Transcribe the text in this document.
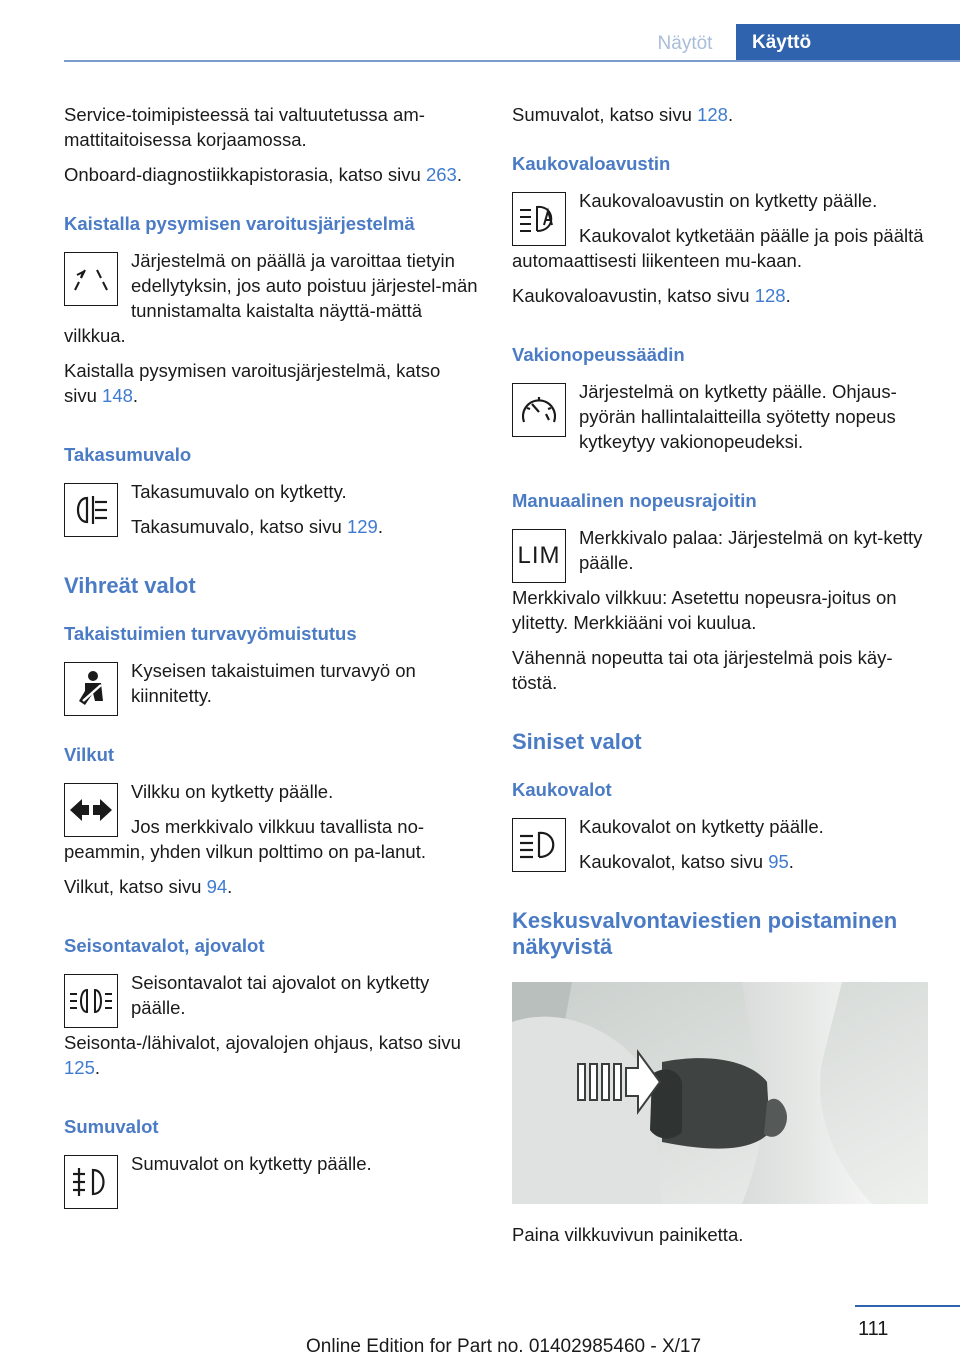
Näytöt	Käyttö

Service-toimipisteessä tai valtuutetussa am-mattitaitoisessa korjaamossa.

Onboard-diagnostiikkapistorasia, katso sivu 263.

Kaistalla pysymisen varoitusjärjestelmä

Järjestelmä on päällä ja varoittaa tietyin edellytyksin, jos auto poistuu järjestel-män tunnistamalta kaistalta näyttä-mättä vilkkua.

Kaistalla pysymisen varoitusjärjestelmä, katso sivu 148.

Takasumuvalo

Takasumuvalo on kytketty.

Takasumuvalo, katso sivu 129.

Vihreät valot
Takaistuimien turvavyömuistutus

Kyseisen takaistuimen turvavyö on kiinnitetty.

Vilkut

Vilkku on kytketty päälle.

Jos merkkivalo vilkkuu tavallista no-peammin, yhden vilkun polttimo on pa-lanut.

Vilkut, katso sivu 94.

Seisontavalot, ajovalot

Seisontavalot tai ajovalot on kytketty päälle.

Seisonta-/lähivalot, ajovalojen ohjaus, katso sivu 125.

Sumuvalot

Sumuvalot on kytketty päälle.

Sumuvalot, katso sivu 128.

Kaukovaloavustin

Kaukovaloavustin on kytketty päälle.

Kaukovalot kytketään päälle ja pois päältä automaattisesti liikenteen mu-kaan.

Kaukovaloavustin, katso sivu 128.

Vakionopeussäädin

Järjestelmä on kytketty päälle. Ohjaus-pyörän hallintalaitteilla syötetty nopeus kytkeytyy vakionopeudeksi.

Manuaalinen nopeusrajoitin
LIM

Merkkivalo palaa: Järjestelmä on kyt-ketty päälle.

Merkkivalo vilkkuu: Asetettu nopeusra-joitus on ylitetty. Merkkiääni voi kuulua.

Vähennä nopeutta tai ota järjestelmä pois käy-töstä.

Siniset valot
Kaukovalot

Kaukovalot on kytketty päälle.

Kaukovalot, katso sivu 95.

Keskusvalvontaviestien poistaminen näkyvistä

Paina vilkkuvivun painiketta.

111
Online Edition for Part no. 01402985460 - X/17
